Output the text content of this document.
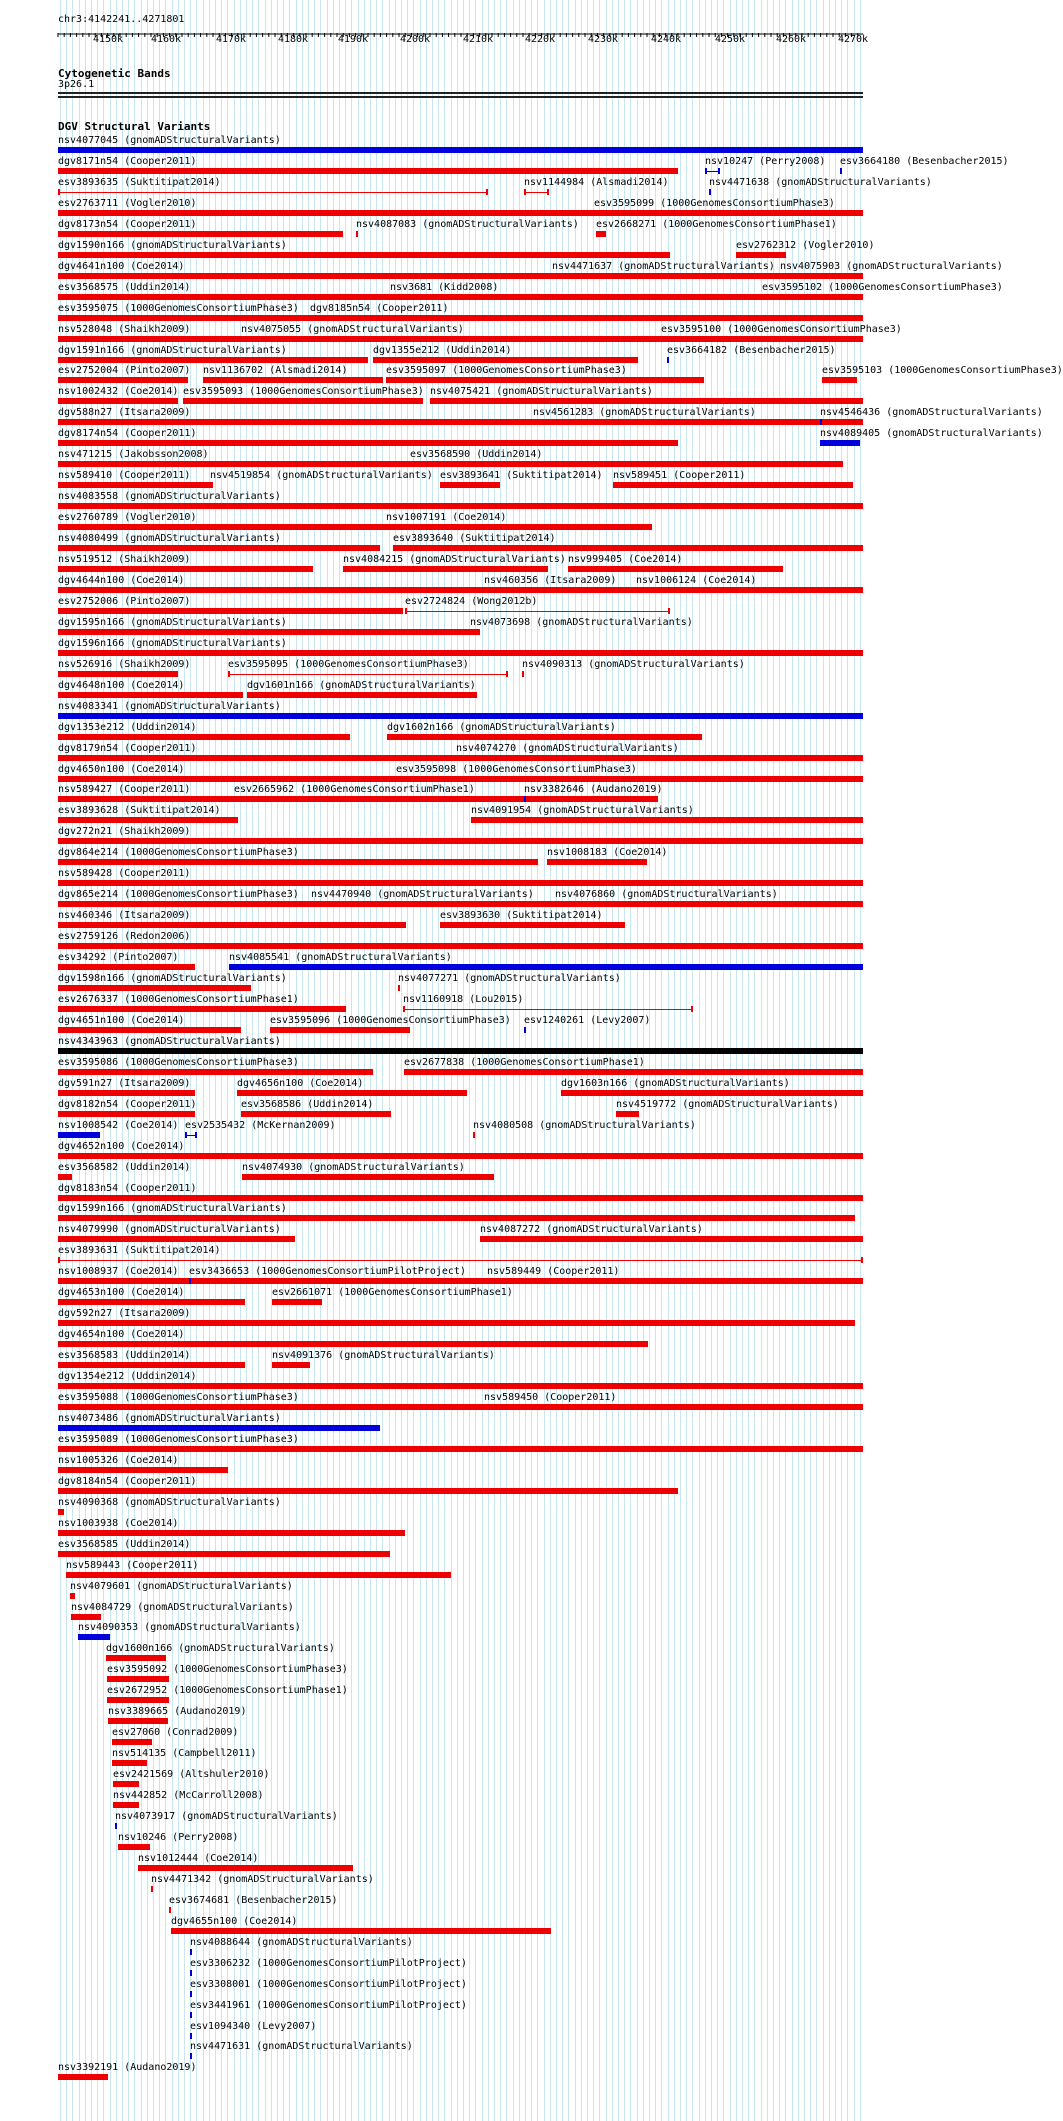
chr3:4142241..4271801
4150k	4160k	4170k	4180k	4190k	4200k	4210k	4220k	4230k	4240k	4250k	4260k	4270k
Cytogenetic Bands
3p26.1
DGV Structural Variants
nsv4077045 (gnomADStructuralVariants)
dgv8171n54 (Cooper2011)	nsv10247 (Perry2008) esv3664180 (Besenbacher2015)
esv3893635 (Suktitipat2014)	nsv1144984 (Alsmadi2014)	nsv4471638 (gnomADStructuralVariants)
esv2763711 (Vogler2010)	esv3595099 (1000GenomesConsortiumPhase3)
dgv8173n54 (Cooper2011)	nsv4087083 (gnomADStructuralVariants) esv2668271 (1000GenomesConsortiumPhase1)
dgv1590n166 (gnomADStructuralVariants)	esv2762312 (Vogler2010)
dgv4641n100 (Coe2014)	nsv4471637 (gnomADStructuralVariants) nsv4075903 (gnomADStructuralVariants)
esv3568575 (Uddin2014)	nsv3681 (Kidd2008)	esv3595102 (1000GenomesConsortiumPhase3)
esv3595075 (1000GenomesConsortiumPhase3) dgv8185n54 (Cooper2011)
nsv528048 (Shaikh2009)	nsv4075055 (gnomADStructuralVariants)	esv3595100 (1000GenomesConsortiumPhase3)
dgv1591n166 (gnomADStructuralVariants)	dgv1355e212 (Uddin2014)	esv3664182 (Besenbacher2015)
esv2752004 (Pinto2007) nsv1136702 (Alsmadi2014)	esv3595097 (1000GenomesConsortiumPhase3)	esv3595103 (1000GenomesConsortiumPhase3)
nsv1002432 (Coe2014) esv3595093 (1000GenomesConsortiumPhase3) nsv4075421 (gnomADStructuralVariants)
dgv588n27 (Itsara2009)	nsv4561283 (gnomADStructuralVariants)	nsv4546436 (gnomADStructuralVariants)
dgv8174n54 (Cooper2011)	nsv4089405 (gnomADStructuralVariants)
nsv471215 (Jakobsson2008)	esv3568590 (Uddin2014)
nsv589410 (Cooper2011) nsv4519854 (gnomADStructuralVariants) esv3893641 (Suktitipat2014) nsv589451 (Cooper2011)
nsv4083558 (gnomADStructuralVariants)
esv2760789 (Vogler2010)	nsv1007191 (Coe2014)
nsv4080499 (gnomADStructuralVariants)	esv3893640 (Suktitipat2014)
nsv519512 (Shaikh2009)	nsv4084215 (gnomADStructuralVariants) nsv999405 (Coe2014)
dgv4644n100 (Coe2014)	nsv460356 (Itsara2009) nsv1006124 (Coe2014)
esv2752006 (Pinto2007)	esv2724824 (Wong2012b)
dgv1595n166 (gnomADStructuralVariants)	nsv4073698 (gnomADStructuralVariants)
dgv1596n166 (gnomADStructuralVariants)
nsv526916 (Shaikh2009)	esv3595095 (1000GenomesConsortiumPhase3)	nsv4090313 (gnomADStructuralVariants)
dgv4648n100 (Coe2014)	dgv1601n166 (gnomADStructuralVariants)
nsv4083341 (gnomADStructuralVariants)
dgv1353e212 (Uddin2014)	dgv1602n166 (gnomADStructuralVariants)
dgv8179n54 (Cooper2011)	nsv4074270 (gnomADStructuralVariants)
dgv4650n100 (Coe2014)	esv3595098 (1000GenomesConsortiumPhase3)
nsv589427 (Cooper2011)	esv2665962 (1000GenomesConsortiumPhase1)	nsv3382646 (Audano2019)
esv3893628 (Suktitipat2014)	nsv4091954 (gnomADStructuralVariants)
dgv272n21 (Shaikh2009)
dgv864e214 (1000GenomesConsortiumPhase3)	nsv1008183 (Coe2014)
nsv589428 (Cooper2011)
dgv865e214 (1000GenomesConsortiumPhase3) nsv4470940 (gnomADStructuralVariants) nsv4076860 (gnomADStructuralVariants)
nsv460346 (Itsara2009)	esv3893630 (Suktitipat2014)
esv2759126 (Redon2006)
esv34292 (Pinto2007)	nsv4085541 (gnomADStructuralVariants)
dgv1598n166 (gnomADStructuralVariants)	nsv4077271 (gnomADStructuralVariants)
esv2676337 (1000GenomesConsortiumPhase1)	nsv1160918 (Lou2015)
dgv4651n100 (Coe2014)	esv3595096 (1000GenomesConsortiumPhase3) esv1240261 (Levy2007)
nsv4343963 (gnomADStructuralVariants)
esv3595086 (1000GenomesConsortiumPhase3)	esv2677838 (1000GenomesConsortiumPhase1)
dgv591n27 (Itsara2009)	dgv4656n100 (Coe2014)	dgv1603n166 (gnomADStructuralVariants)
dgv8182n54 (Cooper2011)	esv3568586 (Uddin2014)	nsv4519772 (gnomADStructuralVariants)
nsv1008542 (Coe2014) esv2535432 (McKernan2009)	nsv4080508 (gnomADStructuralVariants)
dgv4652n100 (Coe2014)
esv3568582 (Uddin2014)	nsv4074930 (gnomADStructuralVariants)
dgv8183n54 (Cooper2011)
dgv1599n166 (gnomADStructuralVariants)
nsv4079990 (gnomADStructuralVariants)	nsv4087272 (gnomADStructuralVariants)
esv3893631 (Suktitipat2014)
nsv1008937 (Coe2014) esv3436653 (1000GenomesConsortiumPilotProject) nsv589449 (Cooper2011)
dgv4653n100 (Coe2014)	esv2661071 (1000GenomesConsortiumPhase1)
dgv592n27 (Itsara2009)
dgv4654n100 (Coe2014)
esv3568583 (Uddin2014)	nsv4091376 (gnomADStructuralVariants)
dgv1354e212 (Uddin2014)
esv3595088 (1000GenomesConsortiumPhase3)	nsv589450 (Cooper2011)
nsv4073486 (gnomADStructuralVariants)
esv3595089 (1000GenomesConsortiumPhase3)
nsv1005326 (Coe2014)
dgv8184n54 (Cooper2011)
nsv4090368 (gnomADStructuralVariants)
nsv1003938 (Coe2014)
esv3568585 (Uddin2014)
nsv589443 (Cooper2011)
nsv4079601 (gnomADStructuralVariants)
nsv4084729 (gnomADStructuralVariants)
nsv4090353 (gnomADStructuralVariants)
dgv1600n166 (gnomADStructuralVariants)
esv3595092 (1000GenomesConsortiumPhase3)
esv2672952 (1000GenomesConsortiumPhase1)
nsv3389665 (Audano2019)
esv27060 (Conrad2009)
nsv514135 (Campbell2011)
esv2421569 (Altshuler2010)
nsv442852 (McCarroll2008)
nsv4073917 (gnomADStructuralVariants)
nsv10246 (Perry2008)
nsv1012444 (Coe2014)
nsv4471342 (gnomADStructuralVariants)
esv3674681 (Besenbacher2015)
dgv4655n100 (Coe2014)
nsv4088644 (gnomADStructuralVariants)
esv3306232 (1000GenomesConsortiumPilotProject)
esv3308001 (1000GenomesConsortiumPilotProject)
esv3441961 (1000GenomesConsortiumPilotProject)
esv1094340 (Levy2007)
nsv4471631 (gnomADStructuralVariants)
nsv3392191 (Audano2019)
